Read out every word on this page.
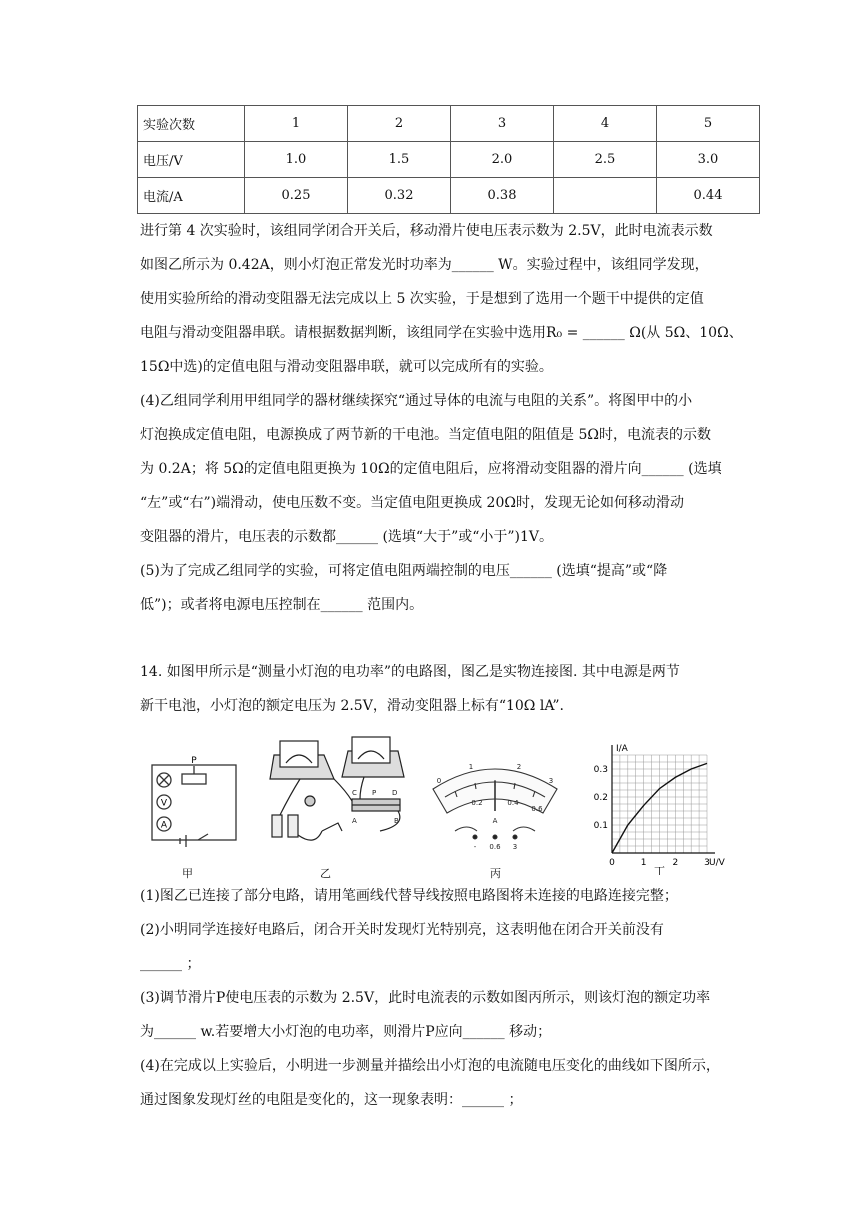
实验次数	1	2	3	4	5
电压/V	1.0	1.5	2.0	2.5	3.0
电流/A	0.25	0.32	0.38		0.44
进行第 4 次实验时，该组同学闭合开关后，移动滑片使电压表示数为 2.5V，此时电流表示数
如图乙所示为 0.42A，则小灯泡正常发光时功率为______ W。实验过程中，该组同学发现，
使用实验所给的滑动变阻器无法完成以上 5 次实验，于是想到了选用一个题干中提供的定值
电阻与滑动变阻器串联。请根据数据判断，该组同学在实验中选用R₀ = ______ Ω(从 5Ω、10Ω、
15Ω中选)的定值电阻与滑动变阻器串联，就可以完成所有的实验。
(4)乙组同学利用甲组同学的器材继续探究“通过导体的电流与电阻的关系”。将图甲中的小
灯泡换成定值电阻，电源换成了两节新的干电池。当定值电阻的阻值是 5Ω时，电流表的示数
为 0.2A；将 5Ω的定值电阻更换为 10Ω的定值电阻后，应将滑动变阻器的滑片向______ (选填
“左”或“右”)端滑动，使电压数不变。当定值电阻更换成 20Ω时，发现无论如何移动滑动
变阻器的滑片，电压表的示数都______ (选填“大于”或“小于”)1V。
(5)为了完成乙组同学的实验，可将定值电阻两端控制的电压______ (选填“提高”或“降
低”)；或者将电源电压控制在______ 范围内。
14. 如图甲所示是“测量小灯泡的电功率”的电路图，图乙是实物连接图. 其中电源是两节
新干电池，小灯泡的额定电压为 2.5V，滑动变阻器上标有“10Ω lA”.
V
A
P
甲
C P D
A	B
乙
0
1	2
3
0.2	0.4
0.6
A
- 0.6 3
丙
0	1	2	3
0.1
0.2
0.3
I/A
U/V
丁
(1)图乙已连接了部分电路，请用笔画线代替导线按照电路图将未连接的电路连接完整；
(2)小明同学连接好电路后，闭合开关时发现灯光特别亮，这表明他在闭合开关前没有
______ ；
(3)调节滑片P使电压表的示数为 2.5V，此时电流表的示数如图丙所示，则该灯泡的额定功率
为______ w.若要增大小灯泡的电功率，则滑片P应向______ 移动；
(4)在完成以上实验后，小明进一步测量并描绘出小灯泡的电流随电压变化的曲线如下图所示，
通过图象发现灯丝的电阻是变化的，这一现象表明：______ ；
